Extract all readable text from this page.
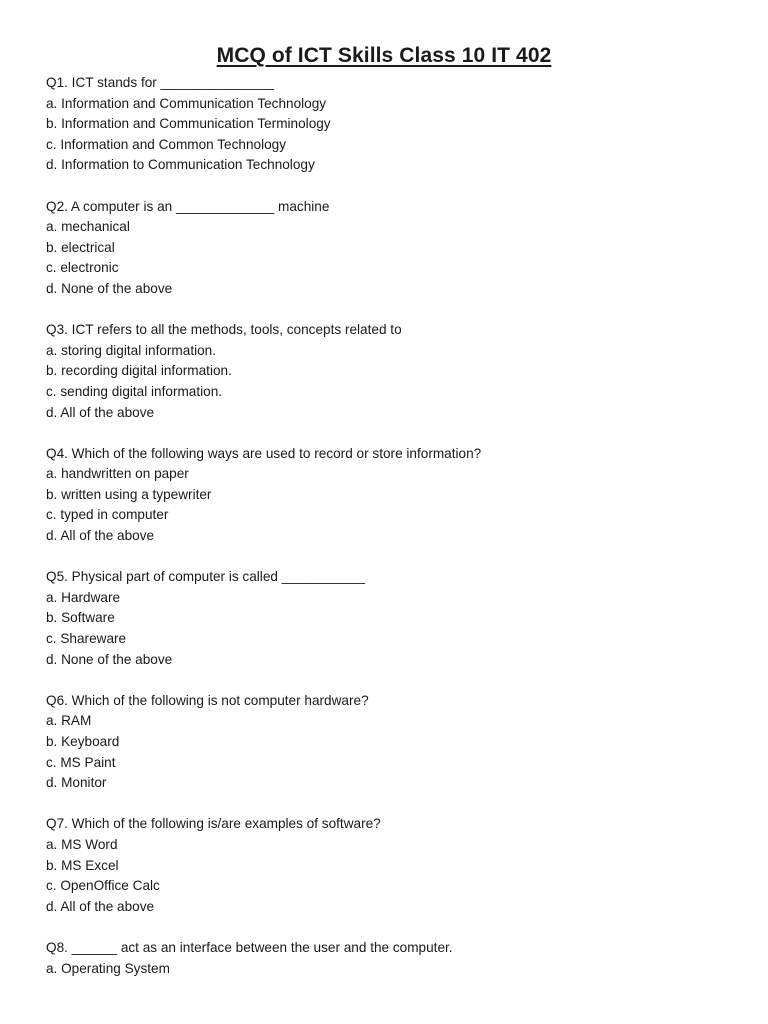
MCQ of ICT Skills Class 10 IT 402
Q1. ICT stands for _______________
a. Information and Communication Technology
b. Information and Communication Terminology
c. Information and Common Technology
d. Information to Communication Technology
Q2. A computer is an _____________ machine
a. mechanical
b. electrical
c. electronic
d. None of the above
Q3. ICT refers to all the methods, tools, concepts related to
a. storing digital information.
b. recording digital information.
c. sending digital information.
d. All of the above
Q4. Which of the following ways are used to record or store information?
a. handwritten on paper
b. written using a typewriter
c. typed in computer
d. All of the above
Q5. Physical part of computer is called ___________
a. Hardware
b. Software
c. Shareware
d. None of the above
Q6. Which of the following is not computer hardware?
a. RAM
b. Keyboard
c. MS Paint
d. Monitor
Q7. Which of the following is/are examples of software?
a. MS Word
b. MS Excel
c. OpenOffice Calc
d. All of the above
Q8. ______ act as an interface between the user and the computer.
a. Operating System
